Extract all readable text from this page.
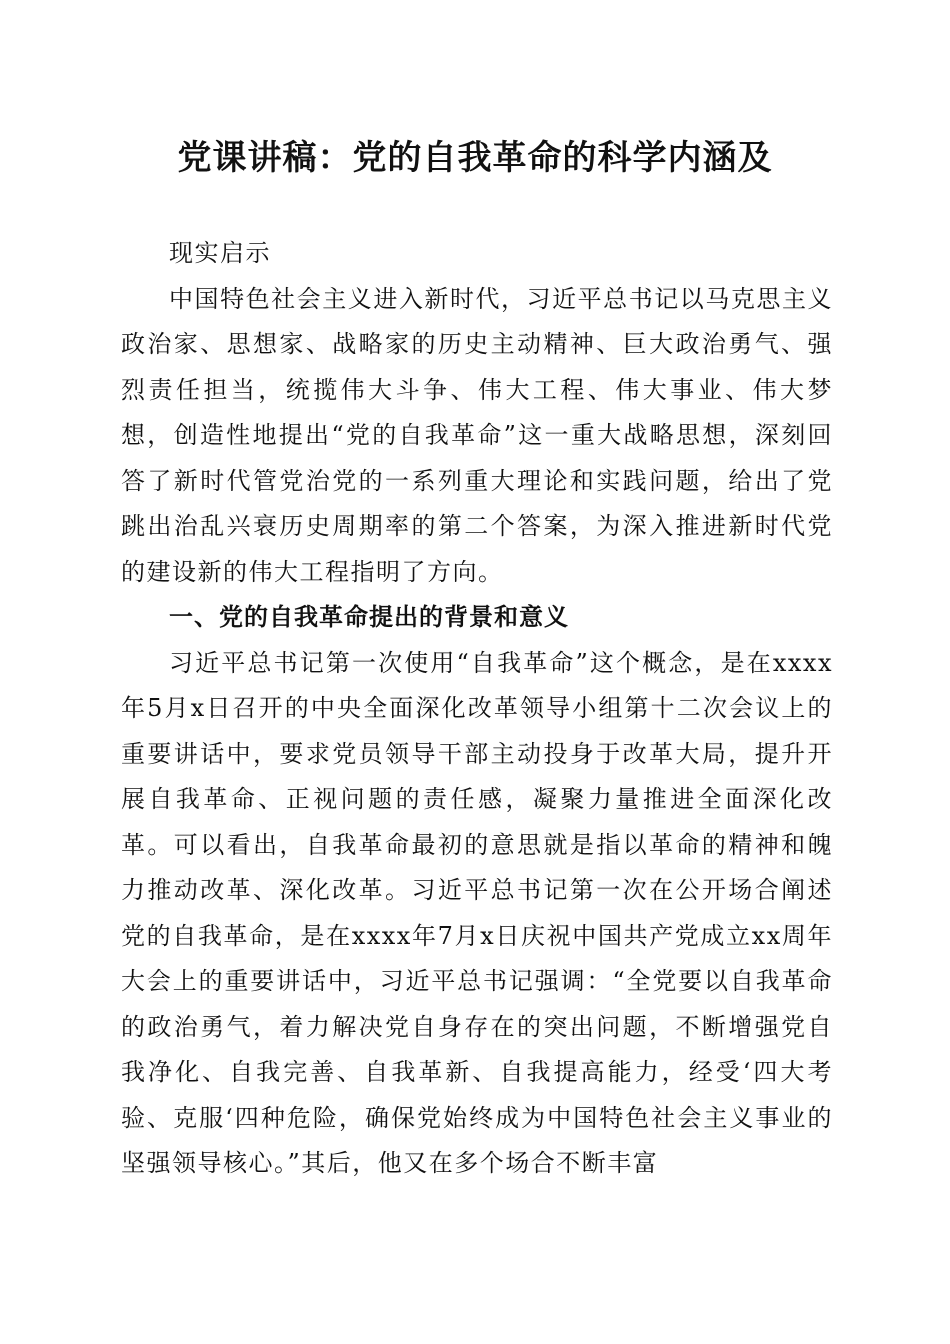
党课讲稿：党的自我革命的科学内涵及

现实启示

中国特色社会主义进入新时代，习近平总书记以马克思主义政治家、思想家、战略家的历史主动精神、巨大政治勇气、强烈责任担当，统揽伟大斗争、伟大工程、伟大事业、伟大梦想，创造性地提出“党的自我革命”这一重大战略思想，深刻回答了新时代管党治党的一系列重大理论和实践问题，给出了党跳出治乱兴衰历史周期率的第二个答案，为深入推进新时代党的建设新的伟大工程指明了方向。

一、党的自我革命提出的背景和意义

习近平总书记第一次使用“自我革命”这个概念，是在xxxx年5月x日召开的中央全面深化改革领导小组第十二次会议上的重要讲话中，要求党员领导干部主动投身于改革大局，提升开展自我革命、正视问题的责任感，凝聚力量推进全面深化改革。可以看出，自我革命最初的意思就是指以革命的精神和魄力推动改革、深化改革。习近平总书记第一次在公开场合阐述党的自我革命，是在xxxx年7月x日庆祝中国共产党成立xx周年大会上的重要讲话中，习近平总书记强调：“全党要以自我革命的政治勇气，着力解决党自身存在的突出问题，不断增强党自我净化、自我完善、自我革新、自我提高能力，经受‘四大考验、克服‘四种危险，确保党始终成为中国特色社会主义事业的坚强领导核心。”其后，他又在多个场合不断丰富
